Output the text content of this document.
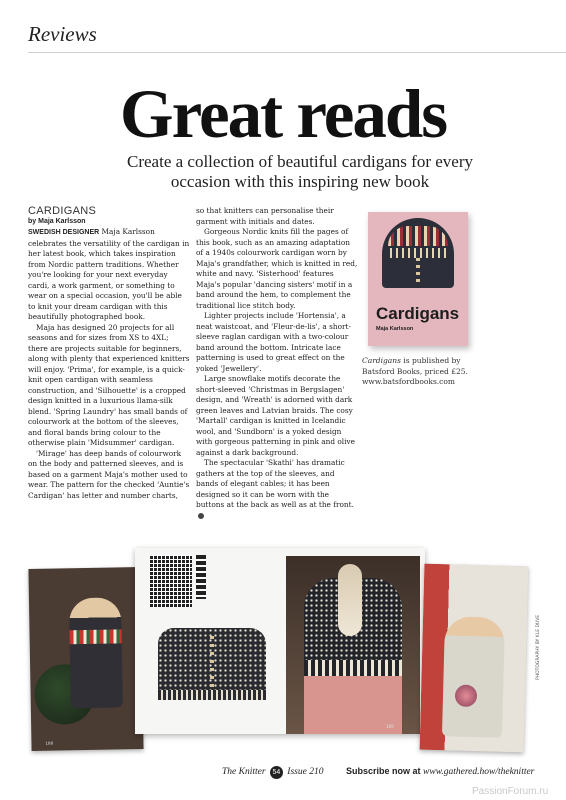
Reviews
Great reads
Create a collection of beautiful cardigans for every occasion with this inspiring new book

CARDIGANS

by Maja Karlsson

SWEDISH DESIGNER Maja Karlsson celebrates the versatility of the cardigan in her latest book, which takes inspiration from Nordic pattern traditions. Whether you're looking for your next everyday cardi, a work garment, or something to wear on a special occasion, you'll be able to knit your dream cardigan with this beautifully photographed book.

Maja has designed 20 projects for all seasons and for sizes from XS to 4XL; there are projects suitable for beginners, along with plenty that experienced knitters will enjoy. 'Prima', for example, is a quick-knit open cardigan with seamless construction, and 'Silhouette' is a cropped design knitted in a luxurious llama-silk blend. 'Spring Laundry' has small bands of colourwork at the bottom of the sleeves, and floral bands bring colour to the otherwise plain 'Midsummer' cardigan.

'Mirage' has deep bands of colourwork on the body and patterned sleeves, and is based on a garment Maja's mother used to wear. The pattern for the checked 'Auntie's Cardigan' has letter and number charts,

so that knitters can personalise their garment with initials and dates.

Gorgeous Nordic knits fill the pages of this book, such as an amazing adaptation of a 1940s colourwork cardigan worn by Maja's grandfather, which is knitted in red, white and navy. 'Sisterhood' features Maja's popular 'dancing sisters' motif in a band around the hem, to complement the traditional lice stitch body.

Lighter projects include 'Hortensia', a neat waistcoat, and 'Fleur-de-lis', a short-sleeve raglan cardigan with a two-colour band around the bottom. Intricate lace patterning is used to great effect on the yoked 'Jewellery'.

Large snowflake motifs decorate the short-sleeved 'Christmas in Bergslagen' design, and 'Wreath' is adorned with dark green leaves and Latvian braids. The cosy 'Martall' cardigan is knitted in Icelandic wool, and 'Sundborn' is a yoked design with gorgeous patterning in pink and olive against a dark background.

The spectacular 'Skathi' has dramatic gathers at the top of the sleeves, and bands of elegant cables; it has been designed so it can be worn with the buttons at the back as well as at the front.

Cardigans
Maja Karlsson
Cardigans is published by Batsford Books, priced £25.
www.batsfordbooks.com
188
189
PHOTOGRAPHY BY KLE DUVE
The Knitter 54 Issue 210	Subscribe now at www.gathered.how/theknitter
PassionForum.ru
